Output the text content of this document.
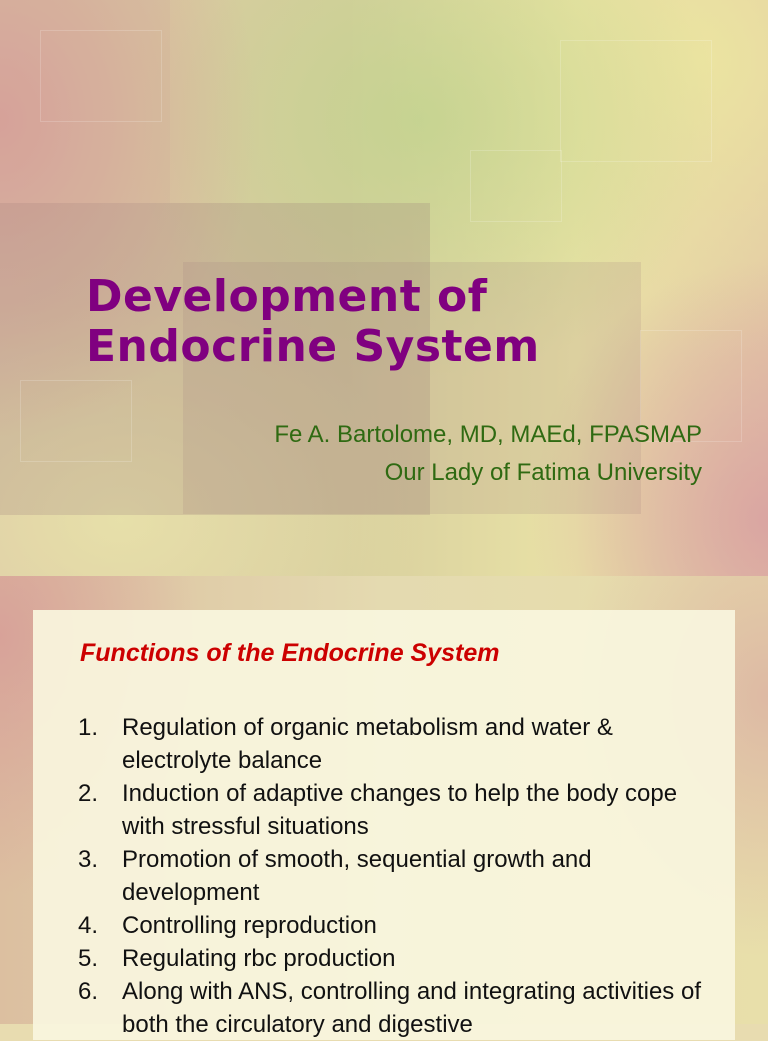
Development of
Endocrine System
Fe A. Bartolome, MD, MAEd, FPASMAP
Our Lady of Fatima University
Functions of the Endocrine System
1. Regulation of organic metabolism and water & electrolyte balance
2. Induction of adaptive changes to help the body cope with stressful situations
3. Promotion of smooth, sequential growth and development
4. Controlling reproduction
5. Regulating rbc production
6. Along with ANS, controlling and integrating activities of both the circulatory and digestive
